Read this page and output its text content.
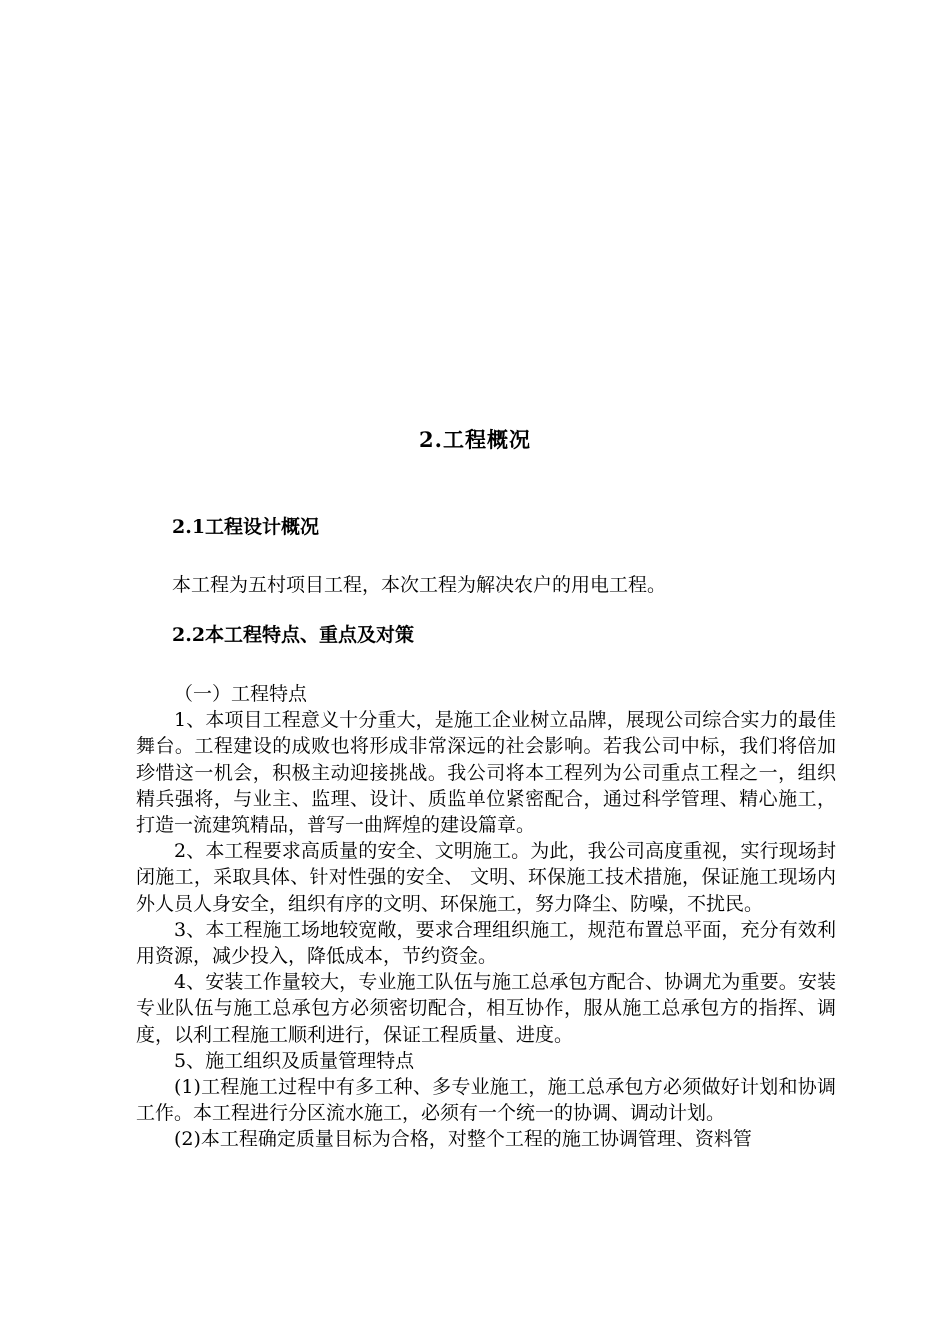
2.工程概况
2.1工程设计概况

本工程为五村项目工程，本次工程为解决农户的用电工程。

2.2本工程特点、重点及对策

（一）工程特点

1、本项目工程意义十分重大，是施工企业树立品牌，展现公司综合实力的最佳舞台。工程建设的成败也将形成非常深远的社会影响。若我公司中标，我们将倍加珍惜这一机会，积极主动迎接挑战。我公司将本工程列为公司重点工程之一，组织精兵强将，与业主、监理、设计、质监单位紧密配合，通过科学管理、精心施工，打造一流建筑精品，普写一曲辉煌的建设篇章。

2、本工程要求高质量的安全、文明施工。为此，我公司高度重视，实行现场封闭施工，采取具体、针对性强的安全、 文明、环保施工技术措施，保证施工现场内外人员人身安全，组织有序的文明、环保施工，努力降尘、防噪，不扰民。

3、本工程施工场地较宽敞，要求合理组织施工，规范布置总平面，充分有效利用资源，减少投入，降低成本，节约资金。

4、安装工作量较大，专业施工队伍与施工总承包方配合、协调尤为重要。安装专业队伍与施工总承包方必须密切配合，相互协作，服从施工总承包方的指挥、调度，以利工程施工顺利进行，保证工程质量、进度。

5、施工组织及质量管理特点

(1)工程施工过程中有多工种、多专业施工，施工总承包方必须做好计划和协调工作。本工程进行分区流水施工，必须有一个统一的协调、调动计划。

(2)本工程确定质量目标为合格，对整个工程的施工协调管理、资料管
